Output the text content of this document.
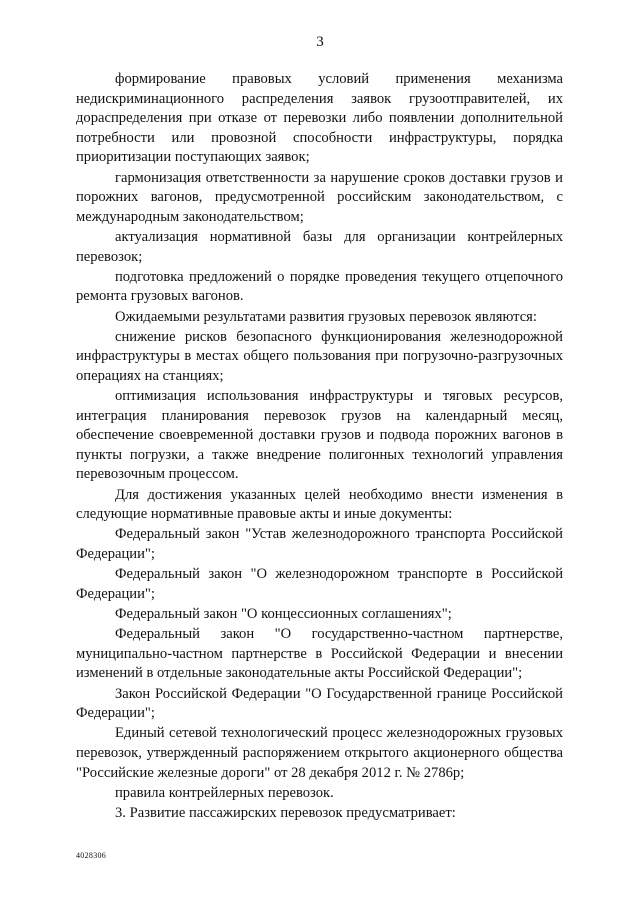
3

формирование правовых условий применения механизма недискриминационного распределения заявок грузоотправителей, их дораспределения при отказе от перевозки либо появлении дополнительной потребности или провозной способности инфраструктуры, порядка приоритизации поступающих заявок;

гармонизация ответственности за нарушение сроков доставки грузов и порожних вагонов, предусмотренной российским законодательством, с международным законодательством;

актуализация нормативной базы для организации контрейлерных перевозок;

подготовка предложений о порядке проведения текущего отцепочного ремонта грузовых вагонов.

Ожидаемыми результатами развития грузовых перевозок являются:

снижение рисков безопасного функционирования железнодорожной инфраструктуры в местах общего пользования при погрузочно-разгрузочных операциях на станциях;

оптимизация использования инфраструктуры и тяговых ресурсов, интеграция планирования перевозок грузов на календарный месяц, обеспечение своевременной доставки грузов и подвода порожних вагонов в пункты погрузки, а также внедрение полигонных технологий управления перевозочным процессом.

Для достижения указанных целей необходимо внести изменения в следующие нормативные правовые акты и иные документы:

Федеральный закон "Устав железнодорожного транспорта Российской Федерации";

Федеральный закон "О железнодорожном транспорте в Российской Федерации";

Федеральный закон "О концессионных соглашениях";

Федеральный закон "О государственно-частном партнерстве, муниципально-частном партнерстве в Российской Федерации и внесении изменений в отдельные законодательные акты Российской Федерации";

Закон Российской Федерации "О Государственной границе Российской Федерации";

Единый сетевой технологический процесс железнодорожных грузовых перевозок, утвержденный распоряжением открытого акционерного общества "Российские железные дороги" от 28 декабря 2012 г. № 2786р;

правила контрейлерных перевозок.

3. Развитие пассажирских перевозок предусматривает:

4028306
